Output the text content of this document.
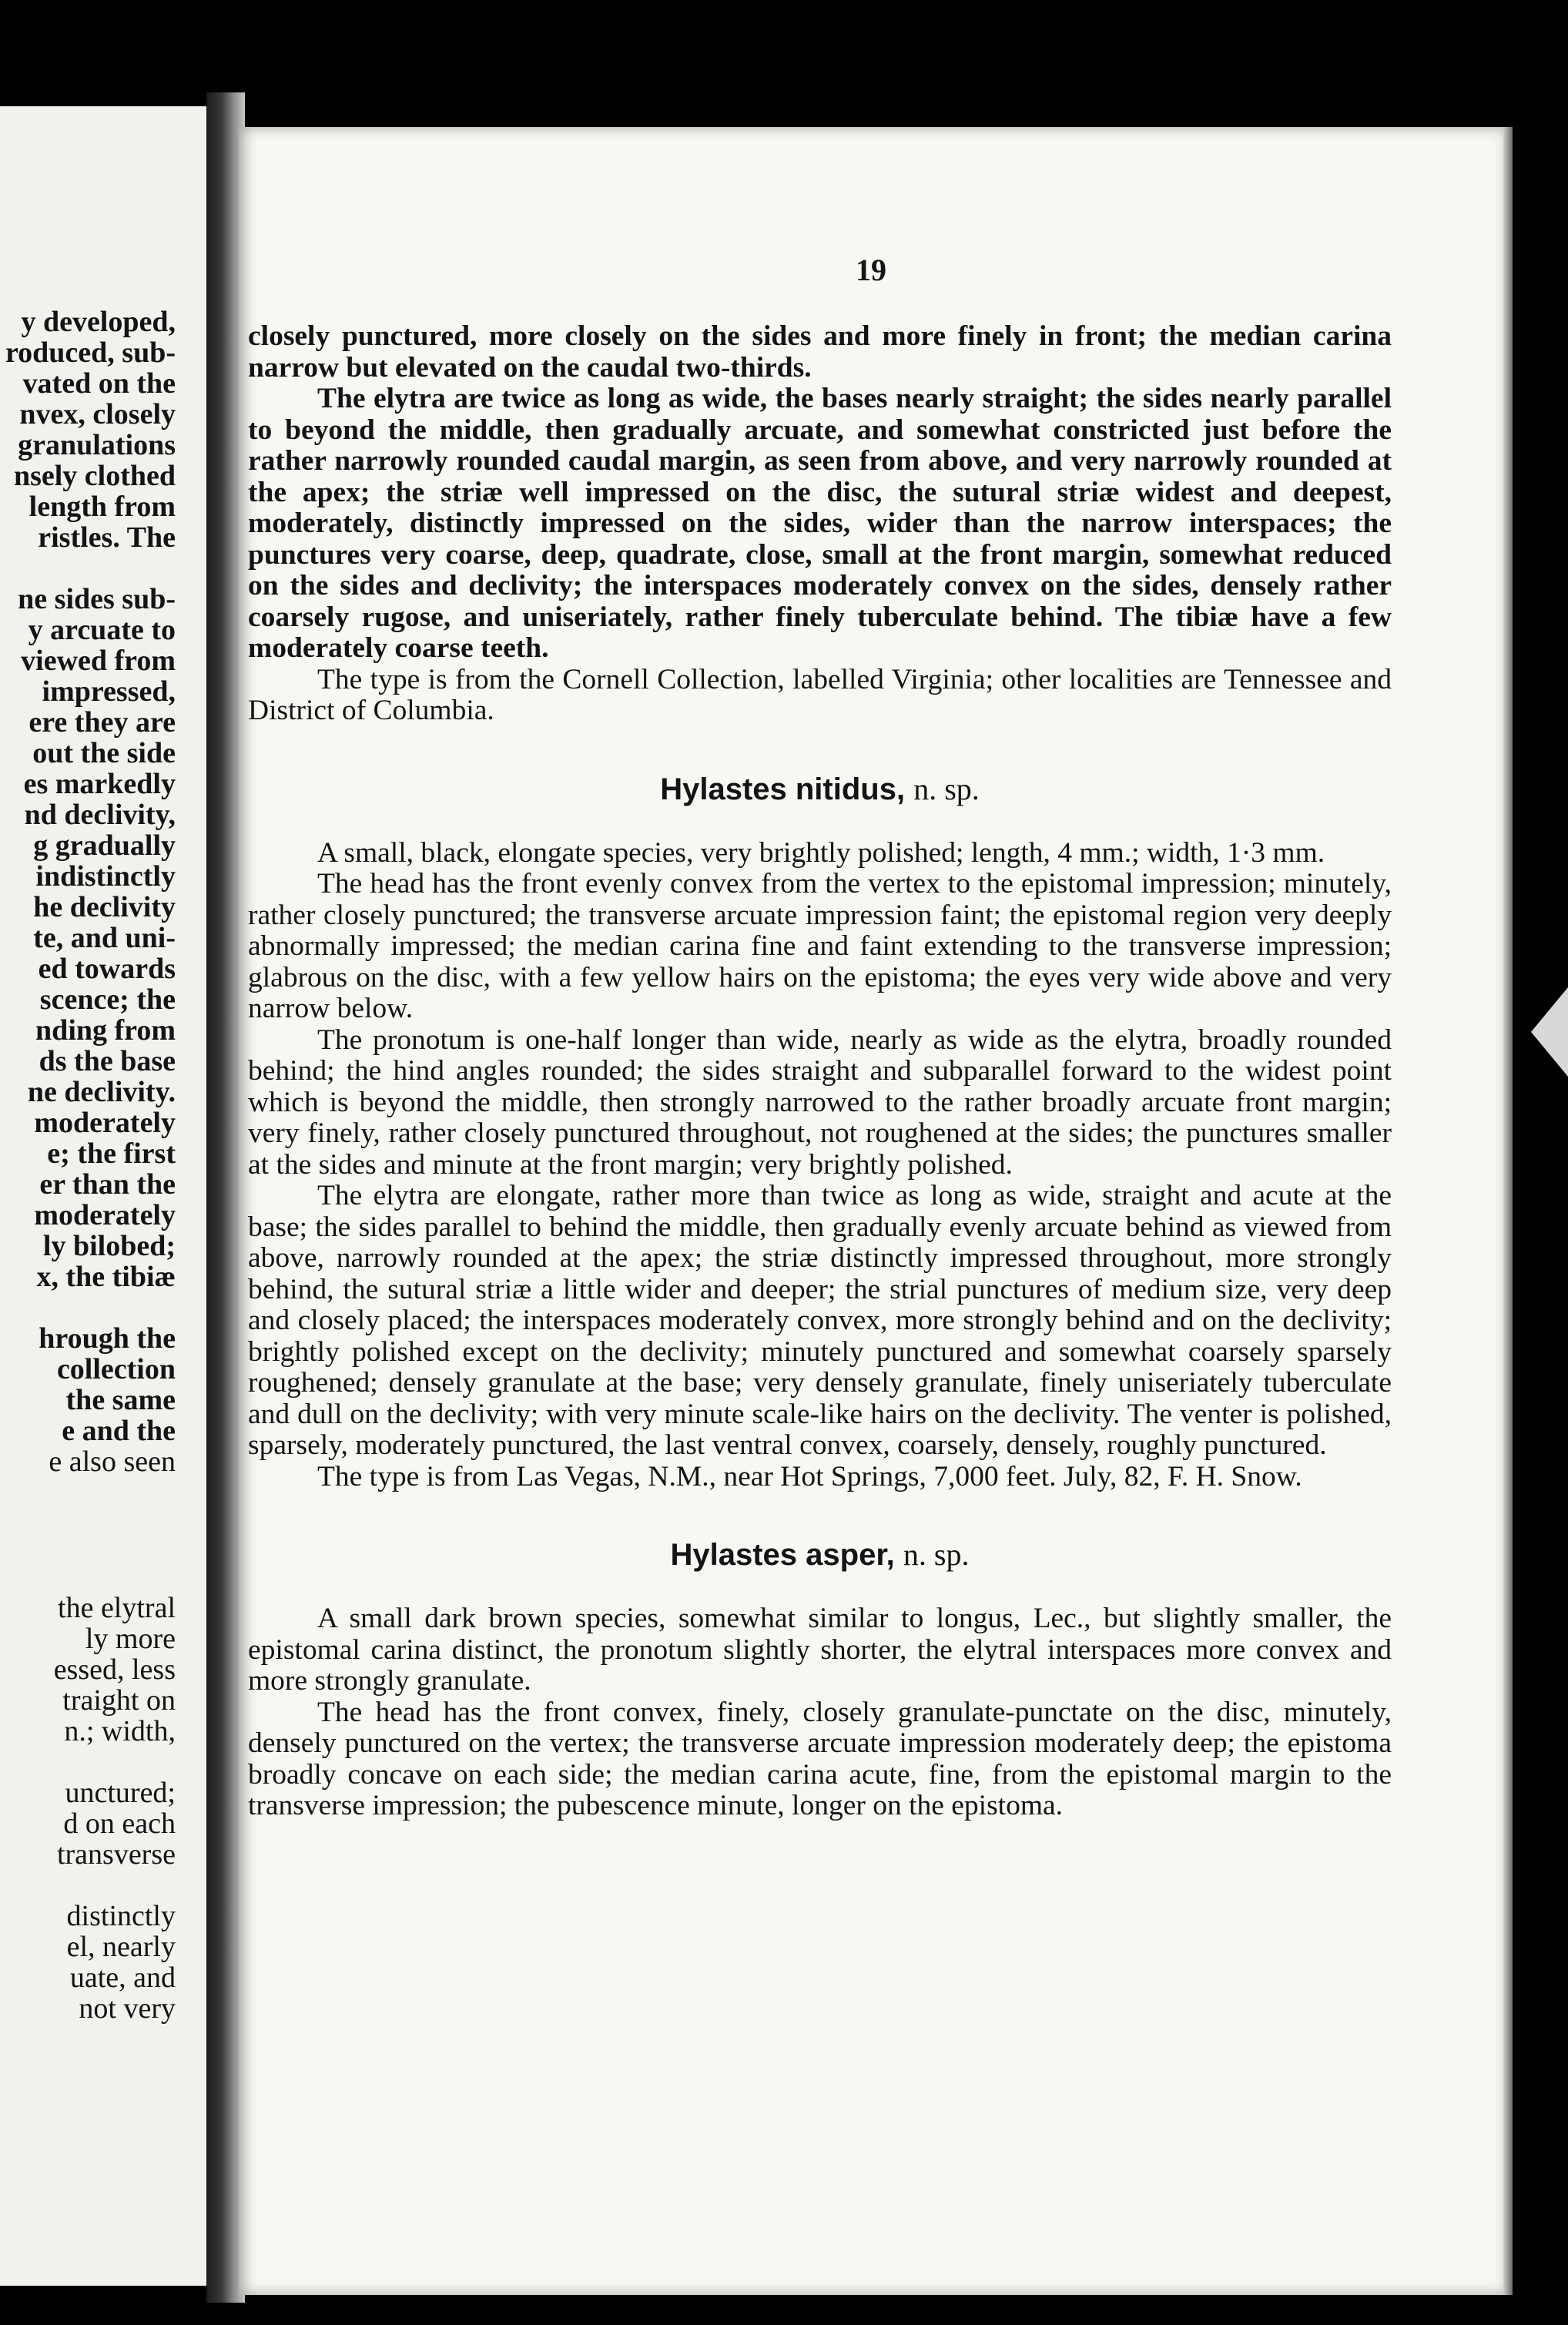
y developed,
roduced, sub-
vated on the
nvex, closely
granulations
nsely clothed
length from
ristles. The
ne sides sub-
y arcuate to
viewed from
impressed,
ere they are
out the side
es markedly
nd declivity,
g gradually
indistinctly
he declivity
te, and uni-
ed towards
scence; the
nding from
ds the base
ne declivity.
moderately
e; the first
er than the
moderately
ly bilobed;
x, the tibiæ
hrough the
collection
the same
e and the
e also seen
the elytral
ly more
essed, less
traight on
n.; width,
unctured;
d on each
transverse
distinctly
el, nearly
uate, and
not very
19

closely punctured, more closely on the sides and more finely in front; the median carina narrow but elevated on the caudal two-thirds.

The elytra are twice as long as wide, the bases nearly straight; the sides nearly parallel to beyond the middle, then gradually arcuate, and somewhat constricted just before the rather narrowly rounded caudal margin, as seen from above, and very narrowly rounded at the apex; the striæ well impressed on the disc, the sutural striæ widest and deepest, moderately, distinctly impressed on the sides, wider than the narrow interspaces; the punctures very coarse, deep, quadrate, close, small at the front margin, somewhat reduced on the sides and declivity; the interspaces moderately convex on the sides, densely rather coarsely rugose, and uniseriately, rather finely tuberculate behind. The tibiæ have a few moderately coarse teeth.

The type is from the Cornell Collection, labelled Virginia; other localities are Tennessee and District of Columbia.

Hylastes nitidus, n. sp.

A small, black, elongate species, very brightly polished; length, 4 mm.; width, 1·3 mm.

The head has the front evenly convex from the vertex to the epistomal impression; minutely, rather closely punctured; the transverse arcuate impression faint; the epistomal region very deeply abnormally impressed; the median carina fine and faint extending to the transverse impression; glabrous on the disc, with a few yellow hairs on the epistoma; the eyes very wide above and very narrow below.

The pronotum is one-half longer than wide, nearly as wide as the elytra, broadly rounded behind; the hind angles rounded; the sides straight and subparallel forward to the widest point which is beyond the middle, then strongly narrowed to the rather broadly arcuate front margin; very finely, rather closely punctured throughout, not roughened at the sides; the punctures smaller at the sides and minute at the front margin; very brightly polished.

The elytra are elongate, rather more than twice as long as wide, straight and acute at the base; the sides parallel to behind the middle, then gradually evenly arcuate behind as viewed from above, narrowly rounded at the apex; the striæ distinctly impressed throughout, more strongly behind, the sutural striæ a little wider and deeper; the strial punctures of medium size, very deep and closely placed; the interspaces moderately convex, more strongly behind and on the declivity; brightly polished except on the declivity; minutely punctured and somewhat coarsely sparsely roughened; densely granulate at the base; very densely granulate, finely uniseriately tuberculate and dull on the declivity; with very minute scale-like hairs on the declivity. The venter is polished, sparsely, moderately punctured, the last ventral convex, coarsely, densely, roughly punctured.

The type is from Las Vegas, N.M., near Hot Springs, 7,000 feet. July, 82, F. H. Snow.

Hylastes asper, n. sp.

A small dark brown species, somewhat similar to longus, Lec., but slightly smaller, the epistomal carina distinct, the pronotum slightly shorter, the elytral interspaces more convex and more strongly granulate.

The head has the front convex, finely, closely granulate-punctate on the disc, minutely, densely punctured on the vertex; the transverse arcuate impression moderately deep; the epistoma broadly concave on each side; the median carina acute, fine, from the epistomal margin to the transverse impression; the pubescence minute, longer on the epistoma.
